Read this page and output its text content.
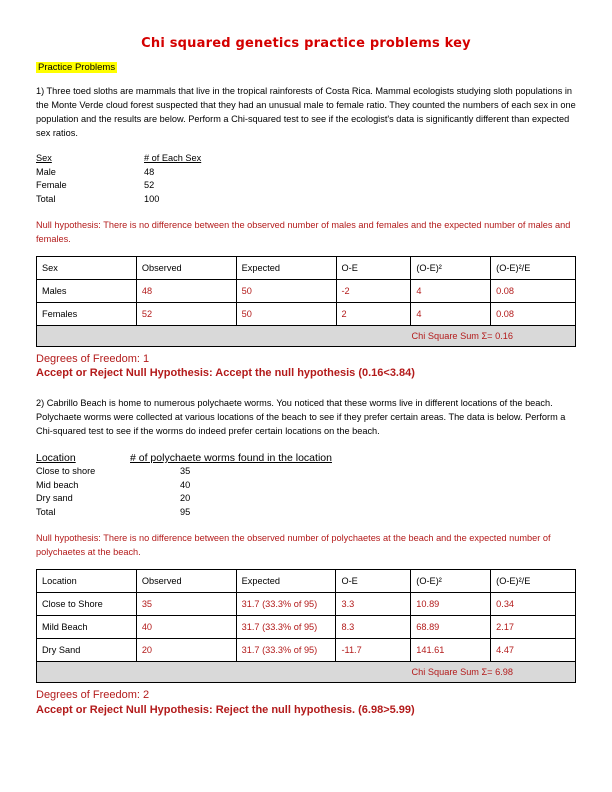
Chi squared genetics practice problems key
Practice Problems
1) Three toed sloths are mammals that live in the tropical rainforests of Costa Rica. Mammal ecologists studying sloth populations in the Monte Verde cloud forest suspected that they had an unusual male to female ratio. They counted the numbers of each sex in one population and the results are below. Perform a Chi-squared test to see if the ecologist's data is significantly different than expected sex ratios.
Sex	# of Each Sex
Male	48
Female	52
Total	100
Null hypothesis: There is no difference between the observed number of males and females and the expected number of males and females.
Sex	Observed	Expected	O-E	(O-E)²	(O-E)²/E
Males	48	50	-2	4	0.08
Females	52	50	2	4	0.08
Chi Square Sum Σ= 0.16					
Degrees of Freedom: 1
Accept or Reject Null Hypothesis: Accept the null hypothesis (0.16<3.84)
2) Cabrillo Beach is home to numerous polychaete worms. You noticed that these worms live in different locations of the beach. Polychaete worms were collected at various locations of the beach to see if they prefer certain areas. The data is below. Perform a Chi-squared test to see if the worms do indeed prefer certain locations on the beach.
Location	# of polychaete worms found in the location
Close to shore	35
Mid beach	40
Dry sand	20
Total	95
Null hypothesis: There is no difference between the observed number of polychaetes at the beach and the expected number of polychaetes at the beach.
Location	Observed	Expected	O-E	(O-E)²	(O-E)²/E
Close to Shore	35	31.7 (33.3% of 95)	3.3	10.89	0.34
Mild Beach	40	31.7 (33.3% of 95)	8.3	68.89	2.17
Dry Sand	20	31.7 (33.3% of 95)	-11.7	141.61	4.47
Chi Square Sum Σ= 6.98					
Degrees of Freedom: 2
Accept or Reject Null Hypothesis: Reject the null hypothesis. (6.98>5.99)
